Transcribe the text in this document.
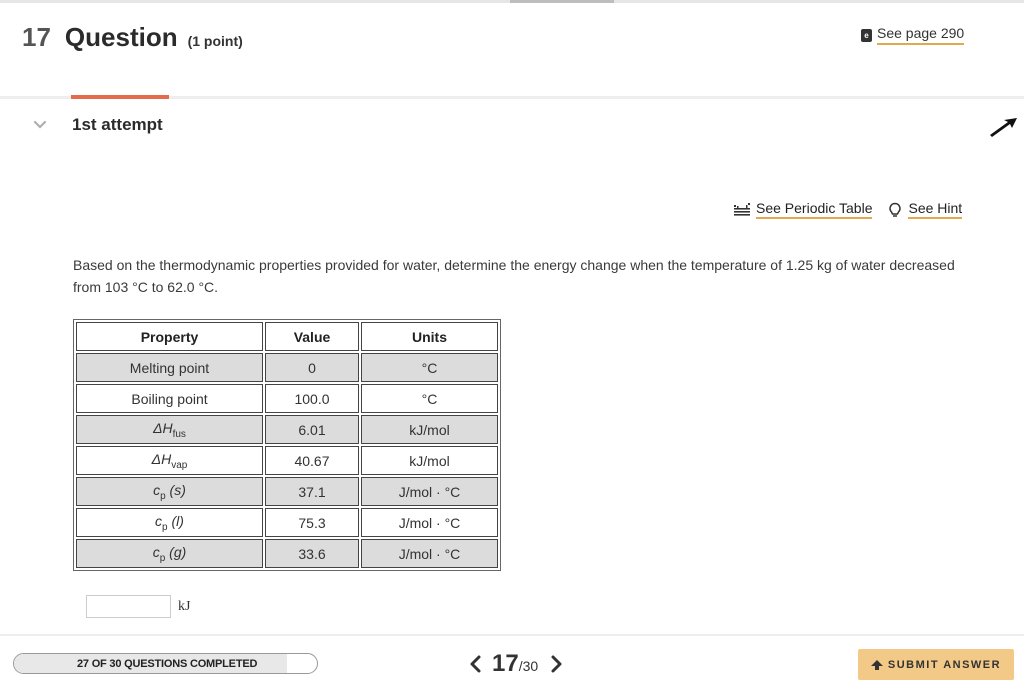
17 Question (1 point)	e See page 290
1st attempt
See Periodic Table	See Hint

Based on the thermodynamic properties provided for water, determine the energy change when the temperature of 1.25 kg of water decreased from 103 °C to 62.0 °C.

Property	Value	Units
Melting point	0	°C
Boiling point	100.0	°C
$\Delta H_{fus}$	6.01	kJ/mol
$\Delta H_{vap}$	40.67	kJ/mol
$c_p$ (s)	37.1	J/mol · °C
$c_p$ (l)	75.3	J/mol · °C
$c_p$ (g)	33.6	J/mol · °C
kJ
27 OF 30 QUESTIONS COMPLETED	17 /30	SUBMIT ANSWER
